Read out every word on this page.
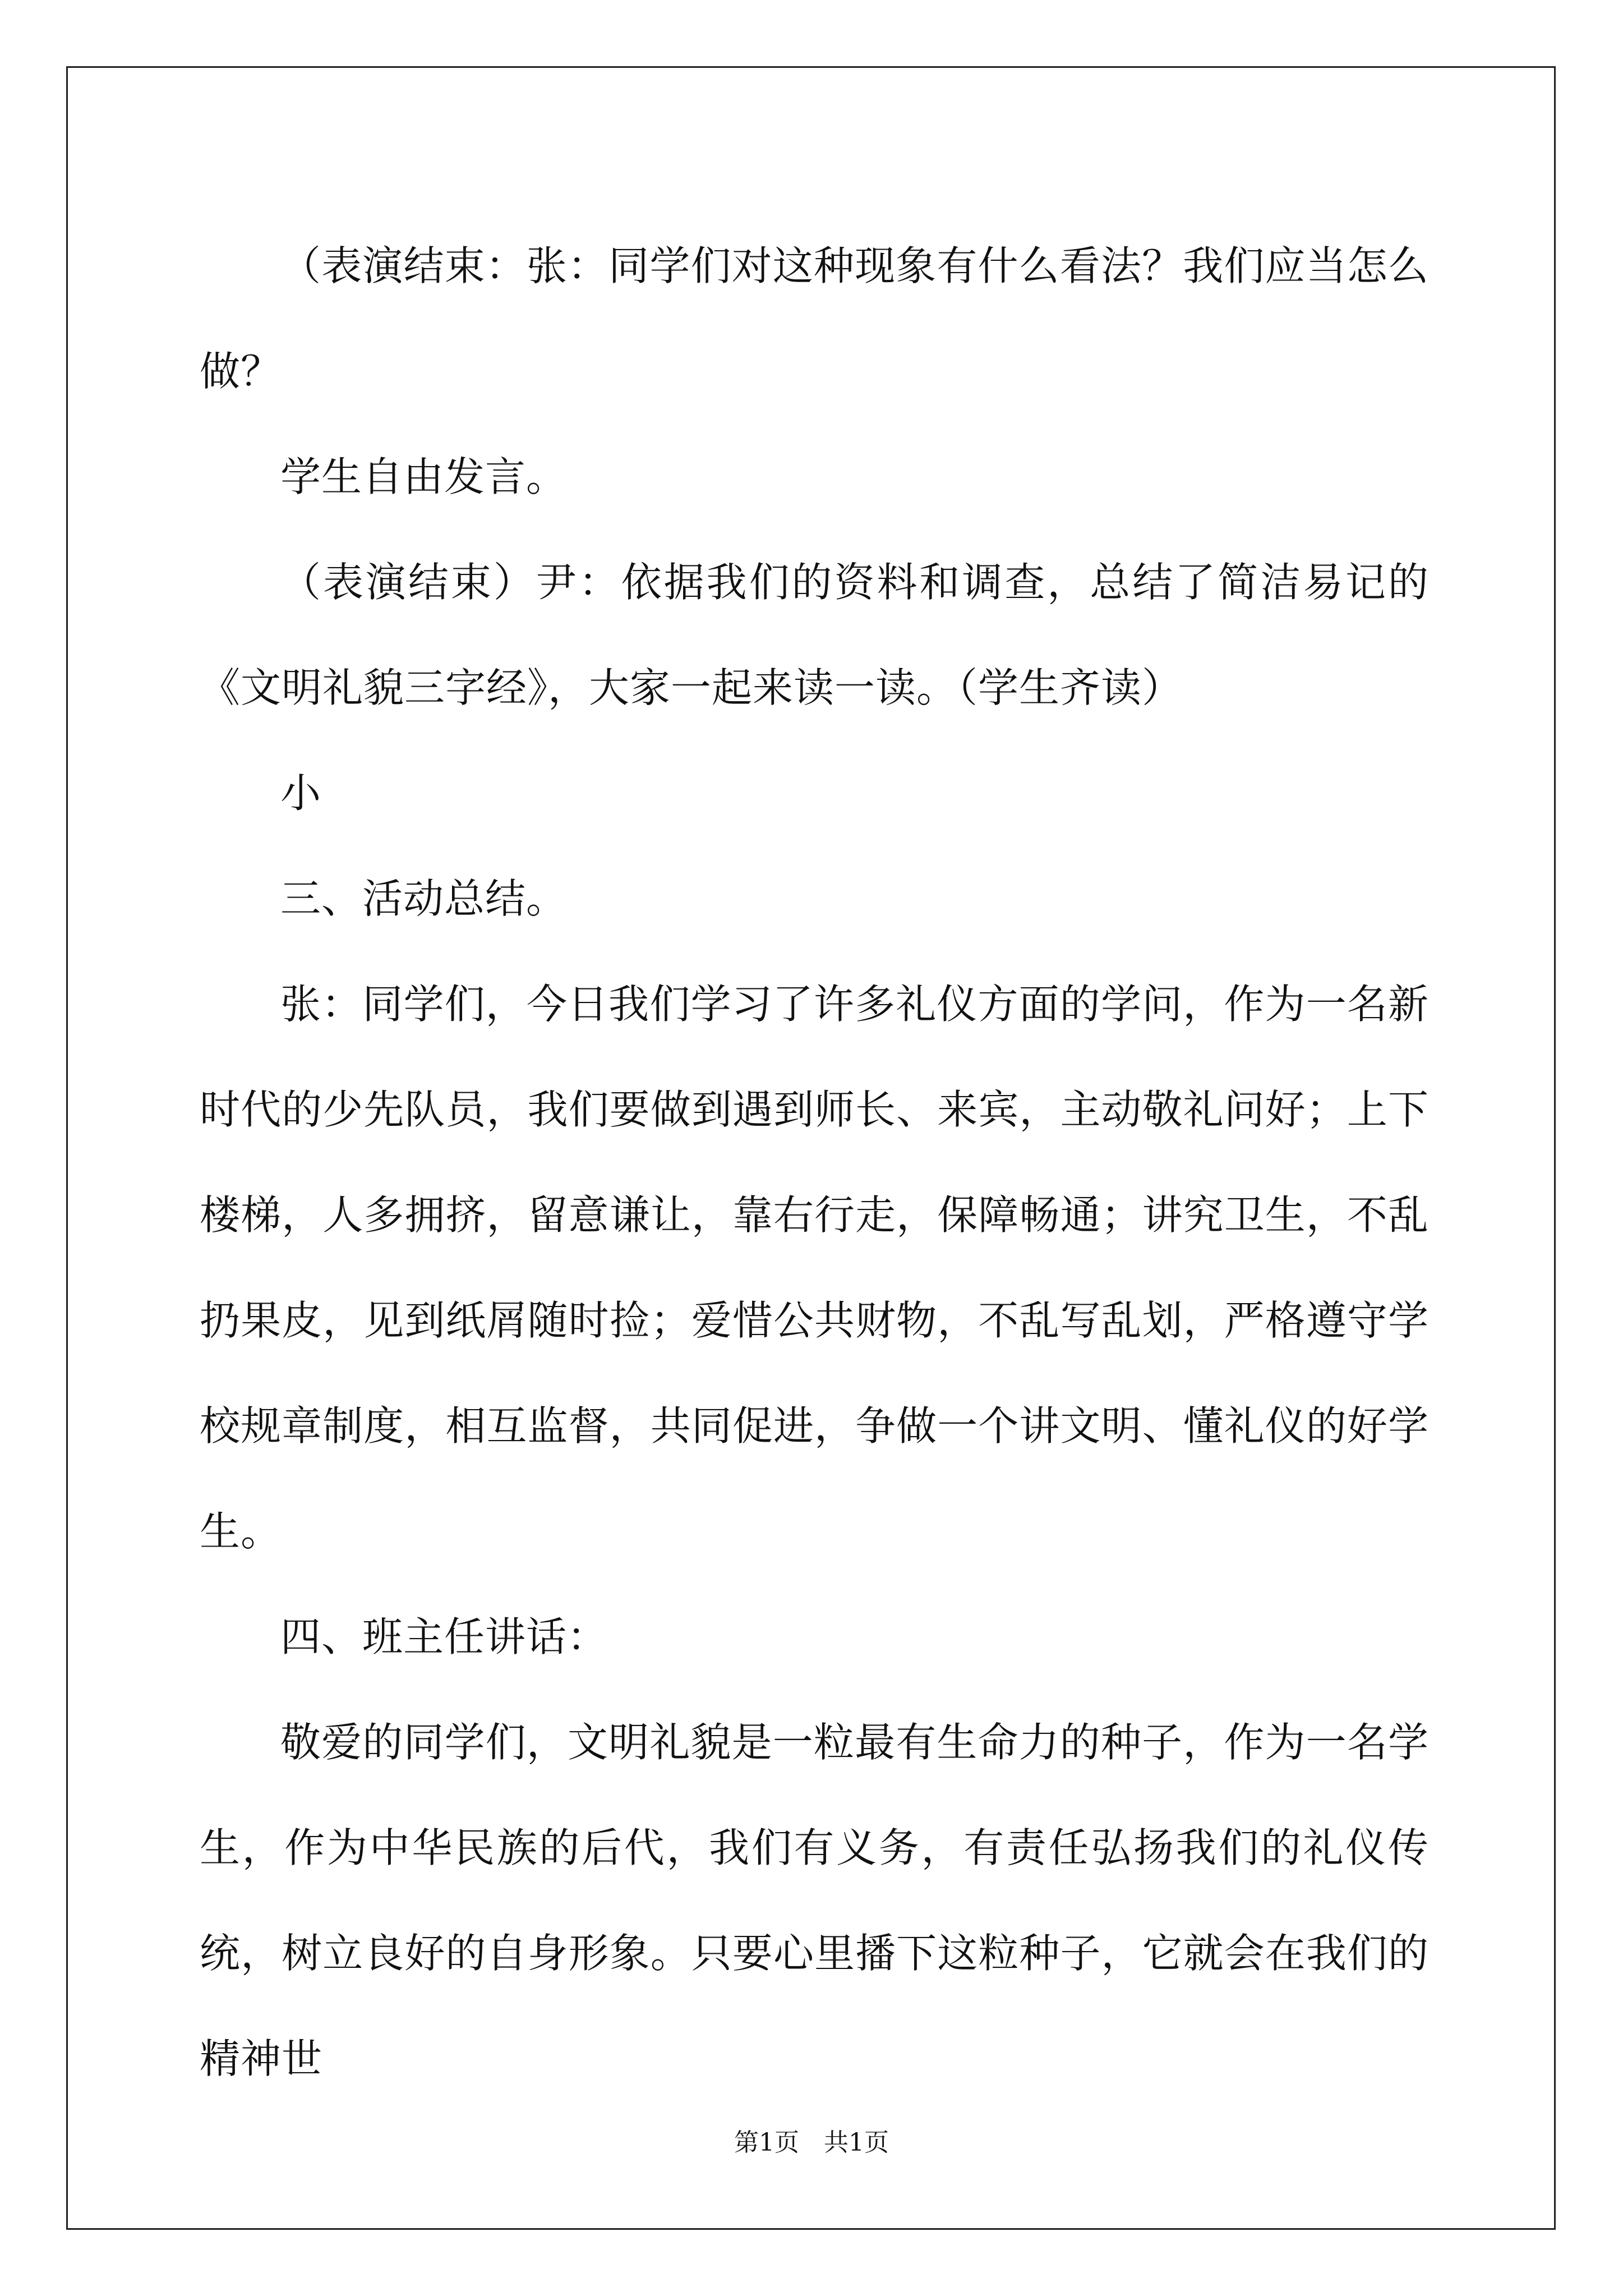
（表演结束：张：同学们对这种现象有什么看法？我们应当怎么做？

学生自由发言。

（表演结束）尹：依据我们的资料和调查，总结了简洁易记的《文明礼貌三字经》，大家一起来读一读。（学生齐读）

小

三、活动总结。

张：同学们，今日我们学习了许多礼仪方面的学问，作为一名新时代的少先队员，我们要做到遇到师长、来宾，主动敬礼问好；上下楼梯，人多拥挤，留意谦让，靠右行走，保障畅通；讲究卫生，不乱扔果皮，见到纸屑随时捡；爱惜公共财物，不乱写乱划，严格遵守学校规章制度，相互监督，共同促进，争做一个讲文明、懂礼仪的好学生。

四、班主任讲话：

敬爱的同学们，文明礼貌是一粒最有生命力的种子，作为一名学生，作为中华民族的后代，我们有义务，有责任弘扬我们的礼仪传统，树立良好的自身形象。只要心里播下这粒种子，它就会在我们的精神世

第1页 共1页
